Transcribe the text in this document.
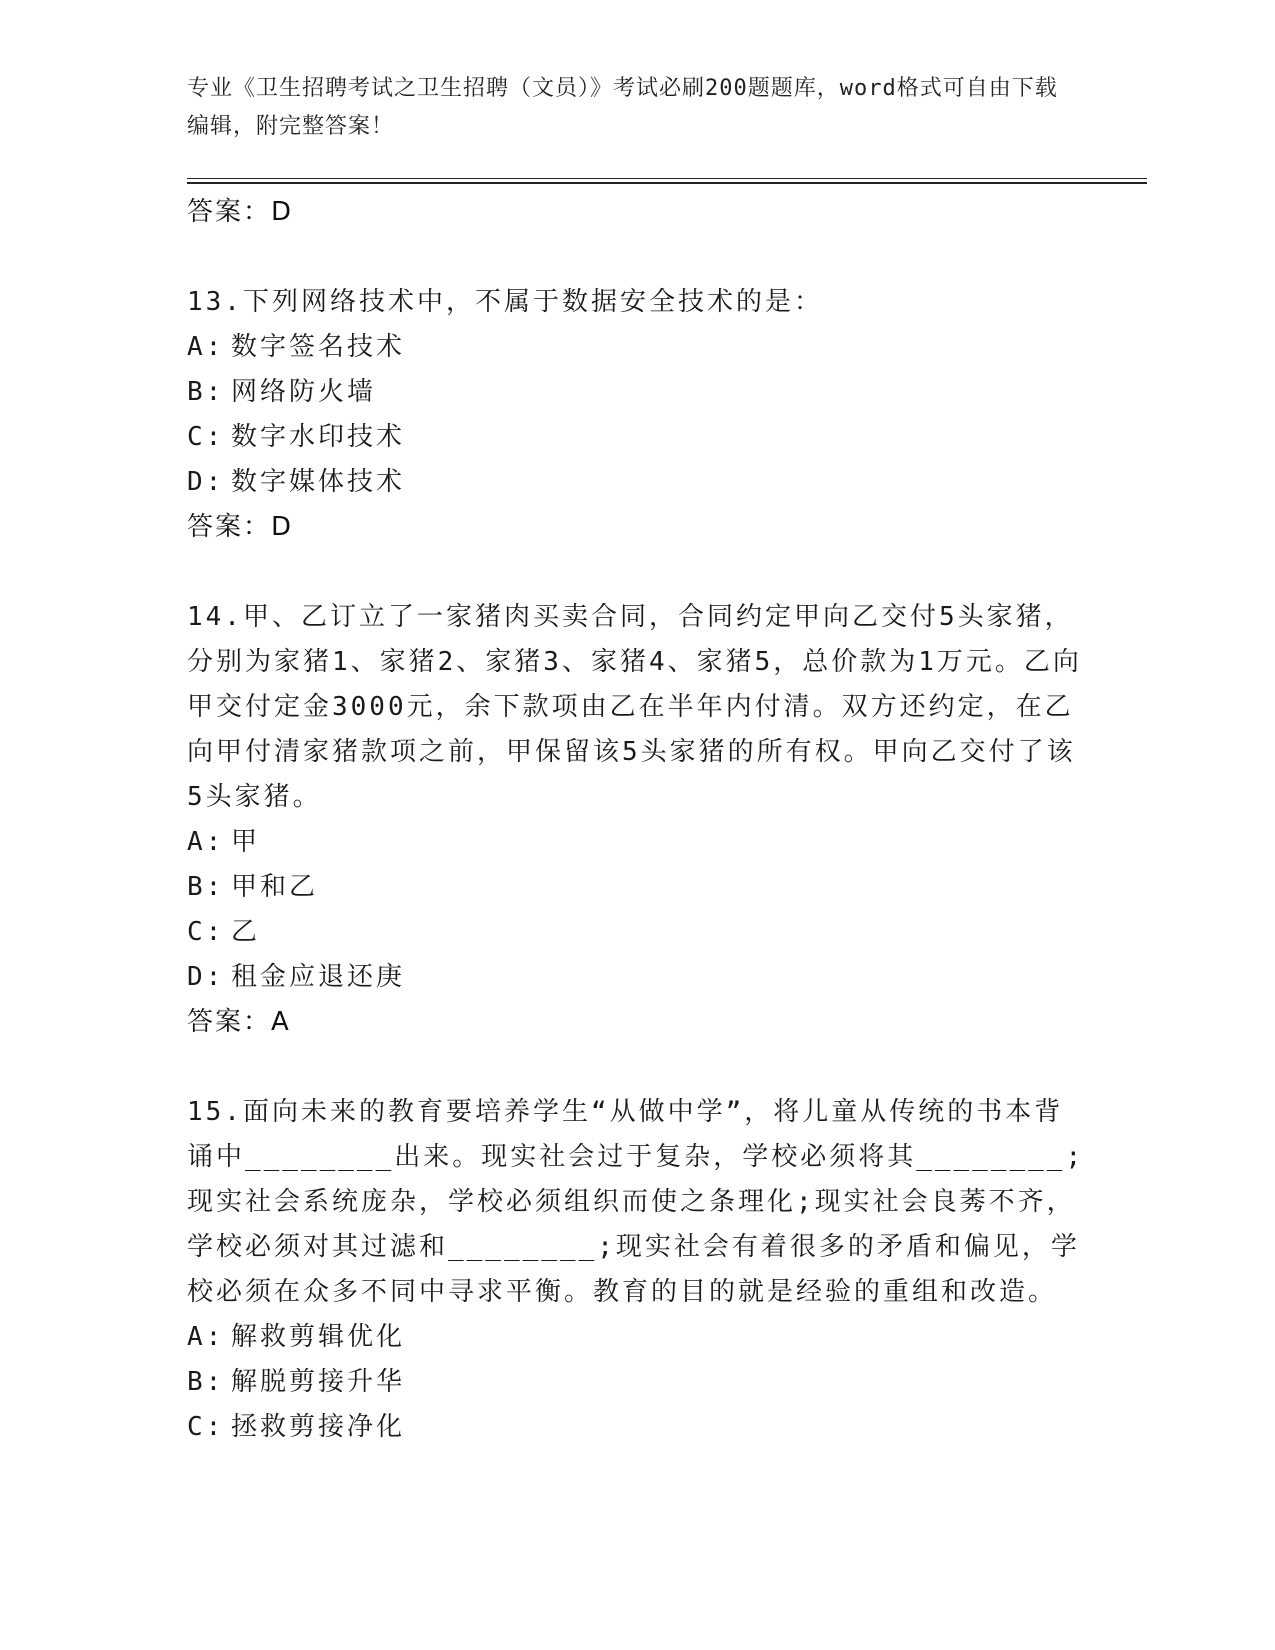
专业《卫生招聘考试之卫生招聘（文员）》考试必刷200题题库，word格式可自由下载编辑，附完整答案！
答案：D
13.下列网络技术中，不属于数据安全技术的是：
A: 数字签名技术
B: 网络防火墙
C: 数字水印技术
D: 数字媒体技术
答案：D
14.甲、乙订立了一家猪肉买卖合同，合同约定甲向乙交付5头家猪，分别为家猪1、家猪2、家猪3、家猪4、家猪5，总价款为1万元。乙向甲交付定金3000元，余下款项由乙在半年内付清。双方还约定，在乙向甲付清家猪款项之前，甲保留该5头家猪的所有权。甲向乙交付了该5头家猪。
A: 甲
B: 甲和乙
C: 乙
D: 租金应退还庚
答案：A
15.面向未来的教育要培养学生“从做中学”，将儿童从传统的书本背诵中________出来。现实社会过于复杂，学校必须将其________;现实社会系统庞杂，学校必须组织而使之条理化;现实社会良莠不齐，学校必须对其过滤和________;现实社会有着很多的矛盾和偏见，学校必须在众多不同中寻求平衡。教育的目的就是经验的重组和改造。
A: 解救剪辑优化
B: 解脱剪接升华
C: 拯救剪接净化
